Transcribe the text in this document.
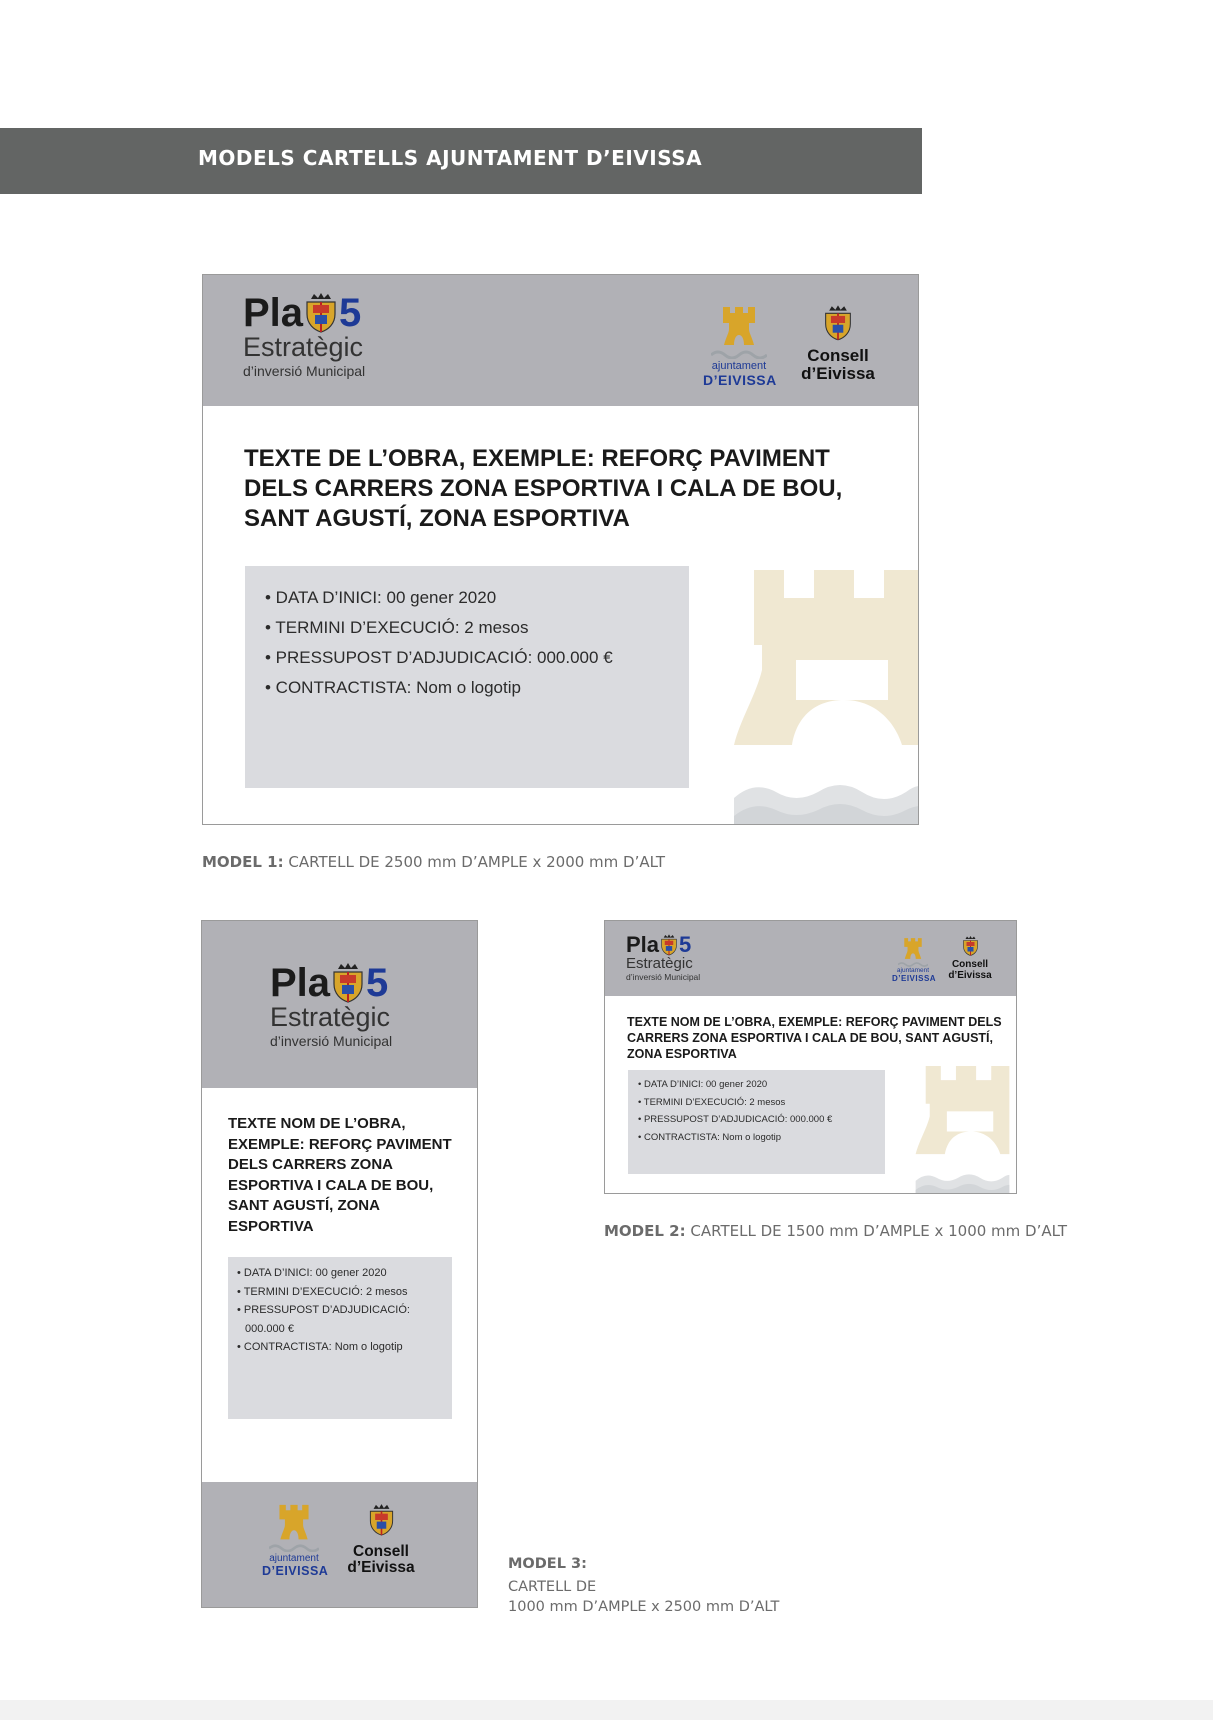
MODELS CARTELLS AJUNTAMENT D’EIVISSA
Pla 5
Estratègic
d’inversió Municipal	ajuntament
D’EIVISSA
Consell
d’Eivissa
TEXTE DE L’OBRA, EXEMPLE: REFORÇ PAVIMENT DELS CARRERS ZONA ESPORTIVA I CALA DE BOU, SANT AGUSTÍ, ZONA ESPORTIVA
• DATA D’INICI: 00 gener 2020
• TERMINI D’EXECUCIÓ: 2 mesos
• PRESSUPOST D’ADJUDICACIÓ: 000.000 €
• CONTRACTISTA: Nom o logotip
MODEL 1: CARTELL DE 2500 mm D’AMPLE x 2000 mm D’ALT
Pla 5
Estratègic
d’inversió Municipal
TEXTE NOM DE L’OBRA, EXEMPLE: REFORÇ PAVIMENT DELS CARRERS ZONA ESPORTIVA I CALA DE BOU, SANT AGUSTÍ, ZONA ESPORTIVA
• DATA D’INICI: 00 gener 2020
• TERMINI D’EXECUCIÓ: 2 mesos
• PRESSUPOST D’ADJUDICACIÓ:
000.000 €
• CONTRACTISTA: Nom o logotip
ajuntament
D’EIVISSA
Consell
d’Eivissa
Pla 5
Estratègic
d’inversió Municipal
ajuntament
D’EIVISSA
Consell
d’Eivissa
TEXTE NOM DE L’OBRA, EXEMPLE: REFORÇ PAVIMENT DELS CARRERS ZONA ESPORTIVA I CALA DE BOU, SANT AGUSTÍ, ZONA ESPORTIVA
• DATA D’INICI: 00 gener 2020
• TERMINI D’EXECUCIÓ: 2 mesos
• PRESSUPOST D’ADJUDICACIÓ: 000.000 €
• CONTRACTISTA: Nom o logotip
MODEL 2: CARTELL DE 1500 mm D’AMPLE x 1000 mm D’ALT
MODEL 3:
CARTELL DE
1000 mm D’AMPLE x 2500 mm D’ALT
